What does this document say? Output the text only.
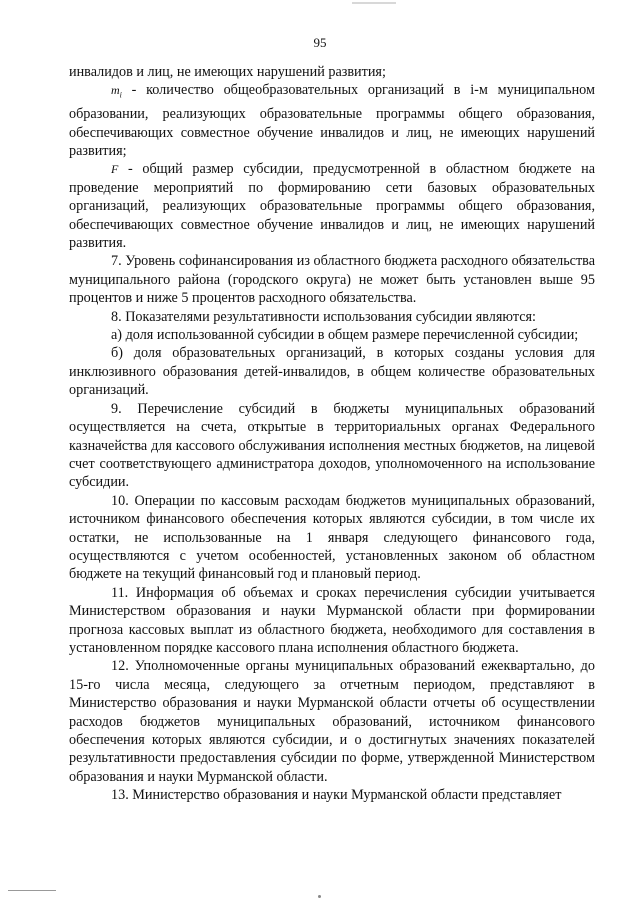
95

инвалидов и лиц, не имеющих нарушений развития;

$m_i$ - количество общеобразовательных организаций в i-м муниципальном образовании, реализующих образовательные программы общего образования, обеспечивающих совместное обучение инвалидов и лиц, не имеющих нарушений развития;

F - общий размер субсидии, предусмотренной в областном бюджете на проведение мероприятий по формированию сети базовых образовательных организаций, реализующих образовательные программы общего образования, обеспечивающих совместное обучение инвалидов и лиц, не имеющих нарушений развития.

7. Уровень софинансирования из областного бюджета расходного обязательства муниципального района (городского округа) не может быть установлен выше 95 процентов и ниже 5 процентов расходного обязательства.

8. Показателями результативности использования субсидии являются:

а) доля использованной субсидии в общем размере перечисленной субсидии;

б) доля образовательных организаций, в которых созданы условия для инклюзивного образования детей-инвалидов, в общем количестве образовательных организаций.

9. Перечисление субсидий в бюджеты муниципальных образований осуществляется на счета, открытые в территориальных органах Федерального казначейства для кассового обслуживания исполнения местных бюджетов, на лицевой счет соответствующего администратора доходов, уполномоченного на использование субсидии.

10. Операции по кассовым расходам бюджетов муниципальных образований, источником финансового обеспечения которых являются субсидии, в том числе их остатки, не использованные на 1 января следующего финансового года, осуществляются с учетом особенностей, установленных законом об областном бюджете на текущий финансовый год и плановый период.

11. Информация об объемах и сроках перечисления субсидии учитывается Министерством образования и науки Мурманской области при формировании прогноза кассовых выплат из областного бюджета, необходимого для составления в установленном порядке кассового плана исполнения областного бюджета.

12. Уполномоченные органы муниципальных образований ежеквартально, до 15-го числа месяца, следующего за отчетным периодом, представляют в Министерство образования и науки Мурманской области отчеты об осуществлении расходов бюджетов муниципальных образований, источником финансового обеспечения которых являются субсидии, и о достигнутых значениях показателей результативности предоставления субсидии по форме, утвержденной Министерством образования и науки Мурманской области.

13. Министерство образования и науки Мурманской области представляет
